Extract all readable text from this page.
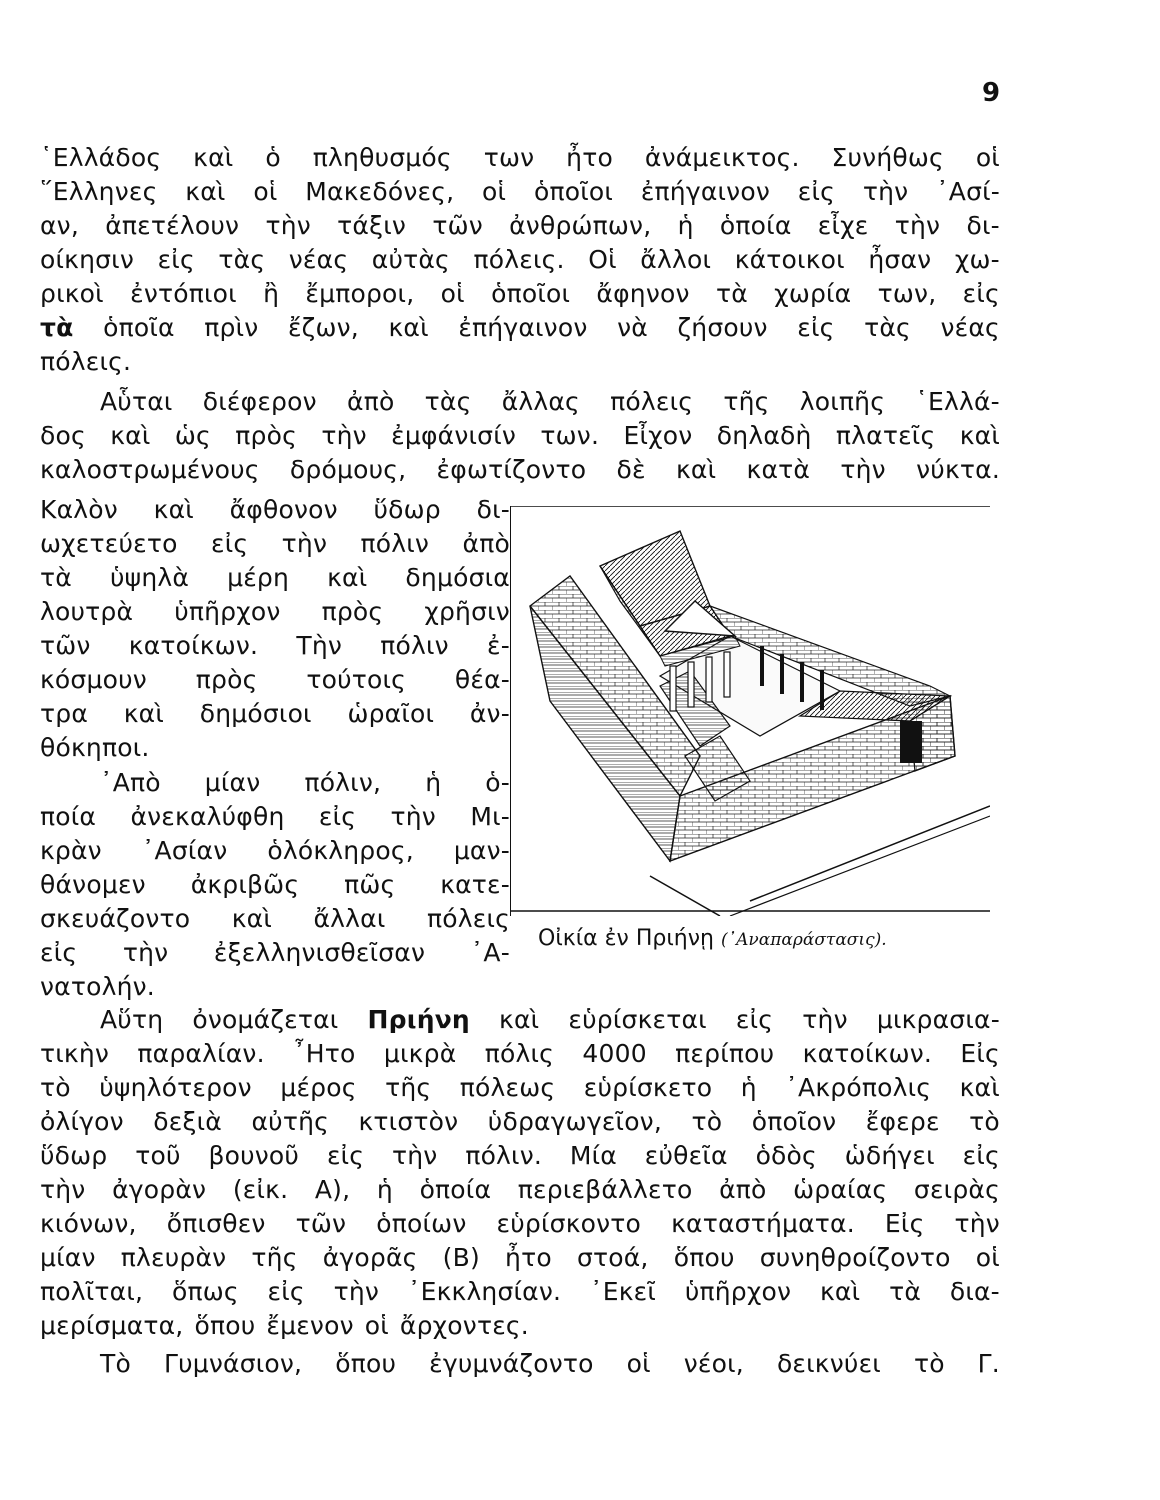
9
῾Ελλάδος καὶ ὁ πληθυσμός των ἦτο ἀνάμεικτος. Συνήθως οἱ
῞Ελληνες καὶ οἱ Μακεδόνες, οἱ ὁποῖοι ἐπήγαινον εἰς τὴν ᾿Ασί-
αν, ἀπετέλουν τὴν τάξιν τῶν ἀνθρώπων, ἡ ὁποία εἶχε τὴν δι-
οίκησιν εἰς τὰς νέας αὐτὰς πόλεις. Οἱ ἄλλοι κάτοικοι ἦσαν χω-
ρικοὶ ἐντόπιοι ἢ ἔμποροι, οἱ ὁποῖοι ἄφηνον τὰ χωρία των, εἰς
τὰ ὁποῖα πρὶν ἔζων, καὶ ἐπήγαινον νὰ ζήσουν εἰς τὰς νέας
πόλεις.
Αὗται διέφερον ἀπὸ τὰς ἄλλας πόλεις τῆς λοιπῆς ῾Ελλά-
δος καὶ ὡς πρὸς τὴν ἐμφάνισίν των. Εἶχον δηλαδὴ πλατεῖς καὶ
καλοστρωμένους δρόμους, ἐφωτίζοντο δὲ καὶ κατὰ τὴν νύκτα.
Καλὸν καὶ ἄφθονον ὕδωρ δι-
ωχετεύετο εἰς τὴν πόλιν ἀπὸ
τὰ ὑψηλὰ μέρη καὶ δημόσια
λουτρὰ ὑπῆρχον πρὸς χρῆσιν
τῶν κατοίκων. Τὴν πόλιν ἐ-
κόσμουν πρὸς τούτοις θέα-
τρα καὶ δημόσιοι ὡραῖοι ἀν-
θόκηποι.
᾿Απὸ μίαν πόλιν, ἡ ὁ-
ποία ἀνεκαλύφθη εἰς τὴν Μι-
κρὰν ᾿Ασίαν ὁλόκληρος, μαν-
θάνομεν ἀκριβῶς πῶς κατε-
σκευάζοντο καὶ ἄλλαι πόλεις
εἰς τὴν ἐξελληνισθεῖσαν ᾿Α-
νατολήν.
Αὕτη ὀνομάζεται Πριήνη καὶ εὑρίσκεται εἰς τὴν μικρασια-
τικὴν παραλίαν. ῏Ητο μικρὰ πόλις 4000 περίπου κατοίκων. Εἰς
τὸ ὑψηλότερον μέρος τῆς πόλεως εὑρίσκετο ἡ ᾿Ακρόπολις καὶ
ὀλίγον δεξιὰ αὐτῆς κτιστὸν ὑδραγωγεῖον, τὸ ὁποῖον ἔφερε τὸ
ὕδωρ τοῦ βουνοῦ εἰς τὴν πόλιν. Μία εὐθεῖα ὁδὸς ὡδήγει εἰς
τὴν ἀγορὰν (εἰκ. Α), ἡ ὁποία περιεβάλλετο ἀπὸ ὡραίας σειρὰς
κιόνων, ὄπισθεν τῶν ὁποίων εὑρίσκοντο καταστήματα. Εἰς τὴν
μίαν πλευρὰν τῆς ἀγορᾶς (Β) ἦτο στοά, ὅπου συνηθροίζοντο οἱ
πολῖται, ὅπως εἰς τὴν ᾿Εκκλησίαν. ᾿Εκεῖ ὑπῆρχον καὶ τὰ δια-
μερίσματα, ὅπου ἔμενον οἱ ἄρχοντες.
Τὸ Γυμνάσιον, ὅπου ἐγυμνάζοντο οἱ νέοι, δεικνύει τὸ Γ.
Οἰκία ἐν Πριήνῃ (᾿Αναπαράστασις).
